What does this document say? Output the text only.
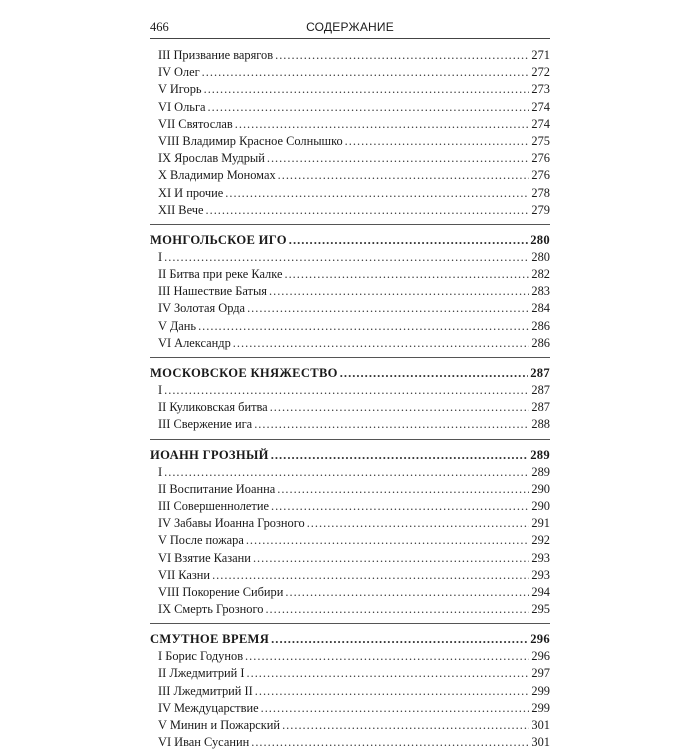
466	СОДЕРЖАНИЕ
III Призвание варягов .....	271
IV Олег .....	272
V Игорь .....	273
VI Ольга .....	274
VII Святослав .....	274
VIII Владимир Красное Солнышко .....	275
IX Ярослав Мудрый .....	276
X Владимир Мономах .....	276
XI И прочие .....	278
XII Вече .....	279
МОНГОЛЬСКОЕ ИГО .....	280
I .....	280
II Битва при реке Калке .....	282
III Нашествие Батыя .....	283
IV Золотая Орда .....	284
V Дань .....	286
VI Александр .....	286
МОСКОВСКОЕ КНЯЖЕСТВО .....	287
I .....	287
II Куликовская битва .....	287
III Свержение ига .....	288
ИОАНН ГРОЗНЫЙ .....	289
I .....	289
II Воспитание Иоанна .....	290
III Совершеннолетие .....	290
IV Забавы Иоанна Грозного .....	291
V После пожара .....	292
VI Взятие Казани .....	293
VII Казни .....	293
VIII Покорение Сибири .....	294
IX Смерть Грозного .....	295
СМУТНОЕ ВРЕМЯ .....	296
I Борис Годунов .....	296
II Лжедмитрий I .....	297
III Лжедмитрий II .....	299
IV Междуцарствие .....	299
V Минин и Пожарский .....	301
VI Иван Сусанин .....	301
